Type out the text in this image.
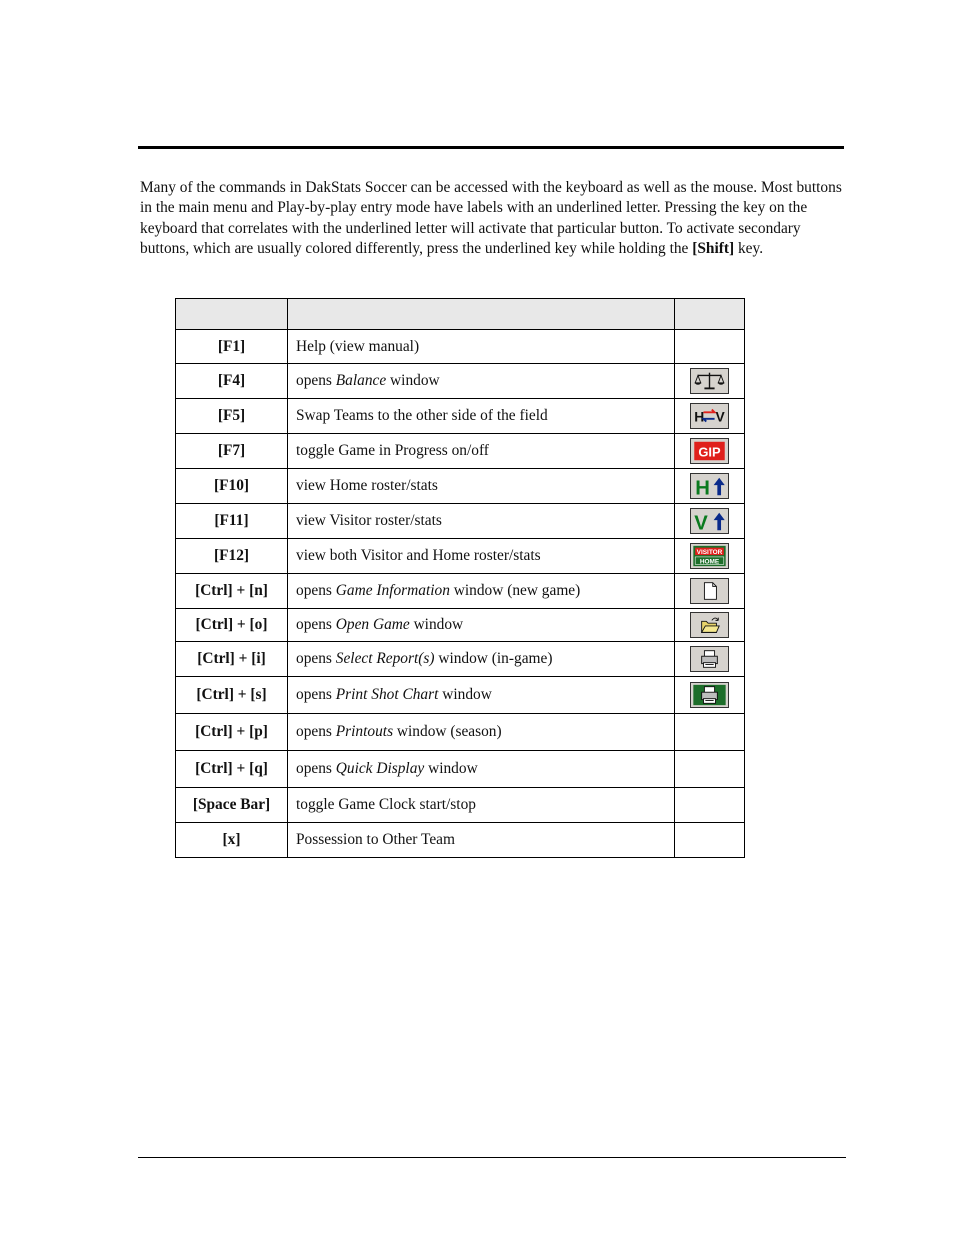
Many of the commands in DakStats Soccer can be accessed with the keyboard as well as the mouse. Most buttons in the main menu and Play-by-play entry mode have labels with an underlined letter. Pressing the key on the keyboard that correlates with the underlined letter will activate that particular button. To activate secondary buttons, which are usually colored differently, press the underlined key while holding the [Shift] key.

[F1]	Help (view manual)	
[F4]	opens Balance window	

[F5]	Swap Teams to the other side of the field	H V

[F7]	toggle Game in Progress on/off	GIP

[F10]	view Home roster/stats	H

[F11]	view Visitor roster/stats	V

[F12]	view both Visitor and Home roster/stats	VISITOR
HOME

[Ctrl] + [n]	opens Game Information window (new game)	

[Ctrl] + [o]	opens Open Game window	

[Ctrl] + [i]	opens Select Report(s) window (in-game)	

[Ctrl] + [s]	opens Print Shot Chart window	

[Ctrl] + [p]	opens Printouts window (season)	
[Ctrl] + [q]	opens Quick Display window	
[Space Bar]	toggle Game Clock start/stop	
[x]	Possession to Other Team	
